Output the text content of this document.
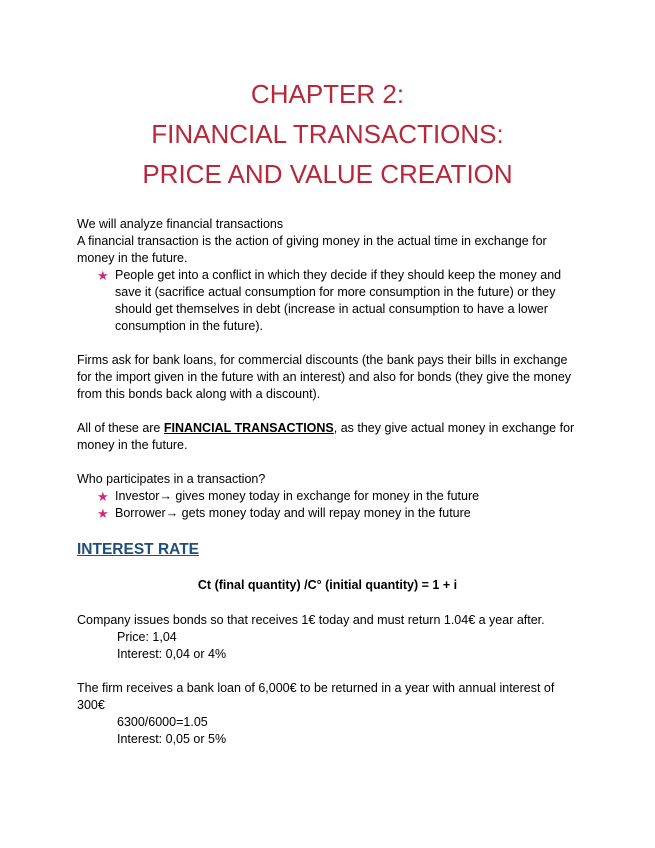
CHAPTER 2:
FINANCIAL TRANSACTIONS:
PRICE AND VALUE CREATION

We will analyze financial transactions

A financial transaction is the action of giving money in the actual time in exchange for money in the future.

★ People get into a conflict in which they decide if they should keep the money and save it (sacrifice actual consumption for more consumption in the future) or they should get themselves in debt (increase in actual consumption to have a lower consumption in the future).

Firms ask for bank loans, for commercial discounts (the bank pays their bills in exchange for the import given in the future with an interest) and also for bonds (they give the money from this bonds back along with a discount).

All of these are FINANCIAL TRANSACTIONS, as they give actual money in exchange for money in the future.

Who participates in a transaction?

★ Investor→ gives money today in exchange for money in the future
★ Borrower→ gets money today and will repay money in the future
INTEREST RATE
Ct (final quantity) /C° (initial quantity) = 1 + i

Company issues bonds so that receives 1€ today and must return 1.04€ a year after.

Price: 1,04

Interest: 0,04 or 4%

The firm receives a bank loan of 6,000€ to be returned in a year with annual interest of 300€

6300/6000=1.05

Interest: 0,05 or 5%
